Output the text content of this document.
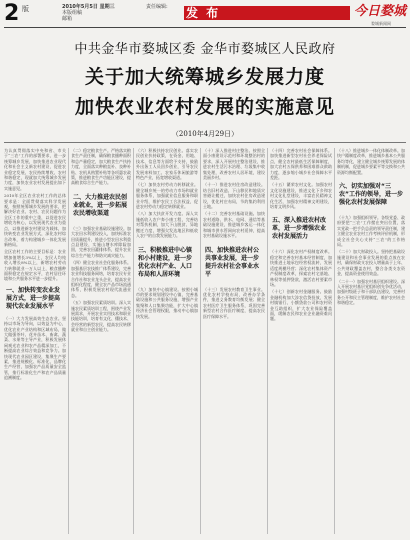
2 版	2010年5月5日 星期三
本版组稿
邮箱
责任编辑: 发 布	今日婺城
婺城新闻网
中共金华市婺城区委 金华市婺城区人民政府
关于加大统筹城乡发展力度
加快农业农村发展的实施意见
（2010年4月29日）
为认真贯彻落实中央和省、市关于“三农”工作的部署要求，进一步统筹城乡发展，加快推进农业现代化和社会主义新农村建设，促进农业稳定发展、农民持续增收、农村和谐稳定，现就加大统筹城乡发展力度，加快农业农村发展提出如下实施意见。
2010年全区农业农村工作的总体要求是：全面贯彻落实科学发展观，按照统筹城乡发展的要求，把解决好农业、农村、农民问题作为全区工作的重中之重，以促进农民增收为核心，以发展现代农业为重点，以推进新农村建设为载体，加快转变农业发展方式，深化农村综合改革，着力构建城乡一体化发展新格局。
全区农村工作的主要目标是：农业增加值增长3%以上，农民人均纯收入增长8%以上，新增农村劳动力转移就业一万人以上，粮食播种面积稳定在规定水平，农村居住环境和公共服务水平进一步提升。
一、加快转变农业发展方式，进一步提高现代农业发展水平
（一）大力发展高效生态农业。坚持以市场为导向，以效益为中心，优化农业产业结构和区域布局，做大做强茶叶、花卉苗木、畜禽、蔬菜、水果等主导产业，积极发展休闲观光农业和农产品精深加工，不断提高农业综合效益和竞争力。加快现代农业园区建设，集聚生产要素，推进规模化、标准化、品牌化生产经营，加强农产品质量安全监管，推行标准化生产和农产品质量追溯制度。
（二）稳定粮食生产。严格落实粮食生产责任制，确保粮食播种面积和总产量稳定，加大粮食生产扶持力度，全面落实种粮直补、良种补贴、农机具购置补贴等各项惠农政策，推进粮食生产功能区建设，提高粮食综合生产能力。
二、大力推进农民创业就业，进一步拓展农民增收渠道
（三）加强农业基础设施建设。加大农田水利建设投入，加快标准农田质量提升，推进小型农田水利重点县建设，实施山塘水库除险加固，完善农田灌排体系，提升农业综合生产能力和防灾减灾能力。
（四）健全农业社会化服务体系。加强基层农技推广体系建设，完善农业科技服务网络，培育农民专业合作社和农业龙头企业，提高农业组织化程度，健全农产品市场流通体系，积极发展农村现代流通业态。
（五）加强农民素质培训。深入实施农民素质培训工程，围绕产业发展需求，开展农业实用技术和职业技能培训，培育有文化、懂技术、会经营的新型农民，提高农民转移就业和自主创业能力。
（六）积极扶持农民创业。落实农民创业扶持政策，在资金、用地、技术、信息等方面给予支持，鼓励外出务工人员回乡创业，引导农民发展来料加工、农家乐休闲旅游等特色产业，拓宽增收渠道。
（七）加快农村劳动力转移就业。健全城乡统一的劳动力市场和就业服务体系，加强就业信息服务和职业介绍，维护农民工合法权益，促进农村劳动力稳定转移就业。
（八）加大扶贫开发力度。深入实施低收入农户奔小康工程，完善结对帮扶机制，加大下山脱贫、异地搬迁力度，增强欠发达地区和低收入农户的自我发展能力。
三、积极推进中心镇和小村建设，进一步优化农村产业、人口布局和人居环境
（九）加快中心镇建设。按照小城市的要求规划建设中心镇，完善基础设施和公共服务设施，增强产业集聚和人口集聚功能，扩大中心镇经济社会管理权限，推动中心镇加快发展。
（十）深入推进村庄整治。按照全面小康建设示范村和环境整治村的要求，深入开展村庄整治建设，推进农村生活污水治理、垃圾集中收集处理，改善农村人居环境，建设美丽乡村。
（十一）推进农村住房改造建设。结合旧村改造、下山移民和地质灾害避让搬迁，加快农村住房改造建设，优化村庄布局，节约集约利用土地。
（十二）完善农村基础设施。加快农村道路、供水、电网、通信等基础设施建设，推进城乡客运一体化和城市供水管网向农村延伸，提高农村基础设施水平。
四、加快推进农村公共事业发展，进一步提升农村社会事业水平
（十三）发展农村教育卫生事业。优化农村学校布局，改善办学条件，推进义务教育均衡发展；健全农村医疗卫生服务体系，巩固完善新型农村合作医疗制度，提高农民医疗保障水平。
（十四）完善农村社会保障体系。加快推进新型农村社会养老保险试点，健全农村最低生活保障制度，加大农村五保供养和困难群众救助力度，逐步缩小城乡社会保障水平差距。
（十五）繁荣农村文化。加强农村文化设施建设，推进文化下乡和农村文化礼堂建设，丰富农民精神文化生活，加强农村精神文明建设，培育文明乡风。
五、深入推进农村改革，进一步增强农业农村发展活力
（十六）深化农村产权制度改革。稳定和完善农村基本经营制度，加快推进土地承包经营权流转，发展适度规模经营；深化农村集体资产产权制度改革，探索农村宅基地、林权等抵押贷款，激活农村要素市场。
（十七）创新农村金融服务。鼓励金融机构加大涉农信贷投放，发展村镇银行、小额贷款公司和农村资金互助组织，扩大农业保险覆盖面，缓解农民和农业企业融资难问题。
（十八）推进城乡一体化体制改革。加快户籍制度改革，推进城乡基本公共服务均等化，建立健全城乡统筹发展的体制机制，促进城乡要素平等交换和公共资源均衡配置。
六、切实加强对“三农”工作的领导，进一步强化农村发展保障
（十九）加强组织领导。各级党委、政府要把“三农”工作摆在突出位置，落实党政一把手负总责的领导责任制，建立健全农业农村工作考核评价机制，形成全社会关心支持“三农”的工作格局。
（二十）加大财政投入。坚持把基础设施建设和社会事业发展的重点放在农村，确保财政支农投入增量高于上年、公共财政覆盖农村，整合各类支农资金，提高资金使用效益。
（二十一）加强农村基层组织建设。深入开展农村基层党组织创先争优活动，加强村级班子和干部队伍建设，完善村务公开和民主管理制度，维护农村社会和谐稳定。
